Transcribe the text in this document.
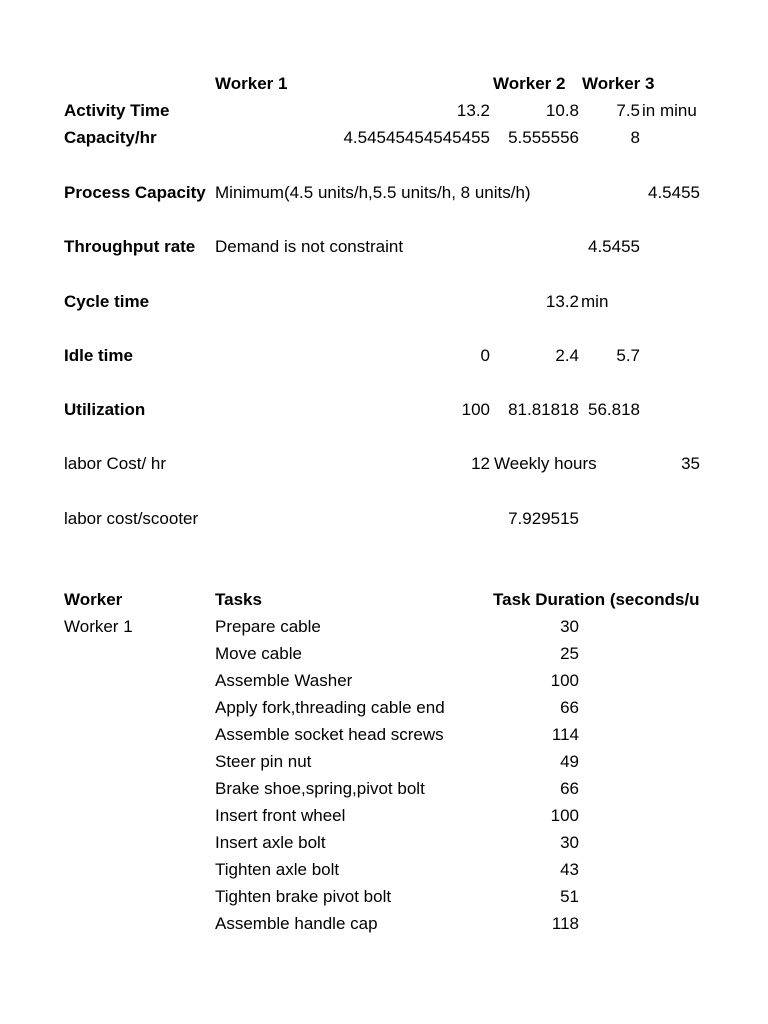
Worker 1	Worker 2 Worker 3
Activity Time	13.2	10.8	7.5 in minu
Capacity/hr	4.54545454545455	5.555556	8
Process Capacity Minimum(4.5 units/h,5.5 units/h, 8 units/h)	4.5455
Throughput rate Demand is not constraint	4.5455
Cycle time	13.2 min
Idle time	0	2.4	5.7
Utilization	100	81.81818 56.818
labor Cost/ hr	12 Weekly hours	35
labor cost/scooter	7.929515
Worker	Tasks	Task Duration (seconds/u
Worker 1	Prepare cable	30
Move cable	25
Assemble Washer	100
Apply fork,threading cable end	66
Assemble socket head screws	114
Steer pin nut	49
Brake shoe,spring,pivot bolt	66
Insert front wheel	100
Insert axle bolt	30
Tighten axle bolt	43
Tighten brake pivot bolt	51
Assemble handle cap	118
